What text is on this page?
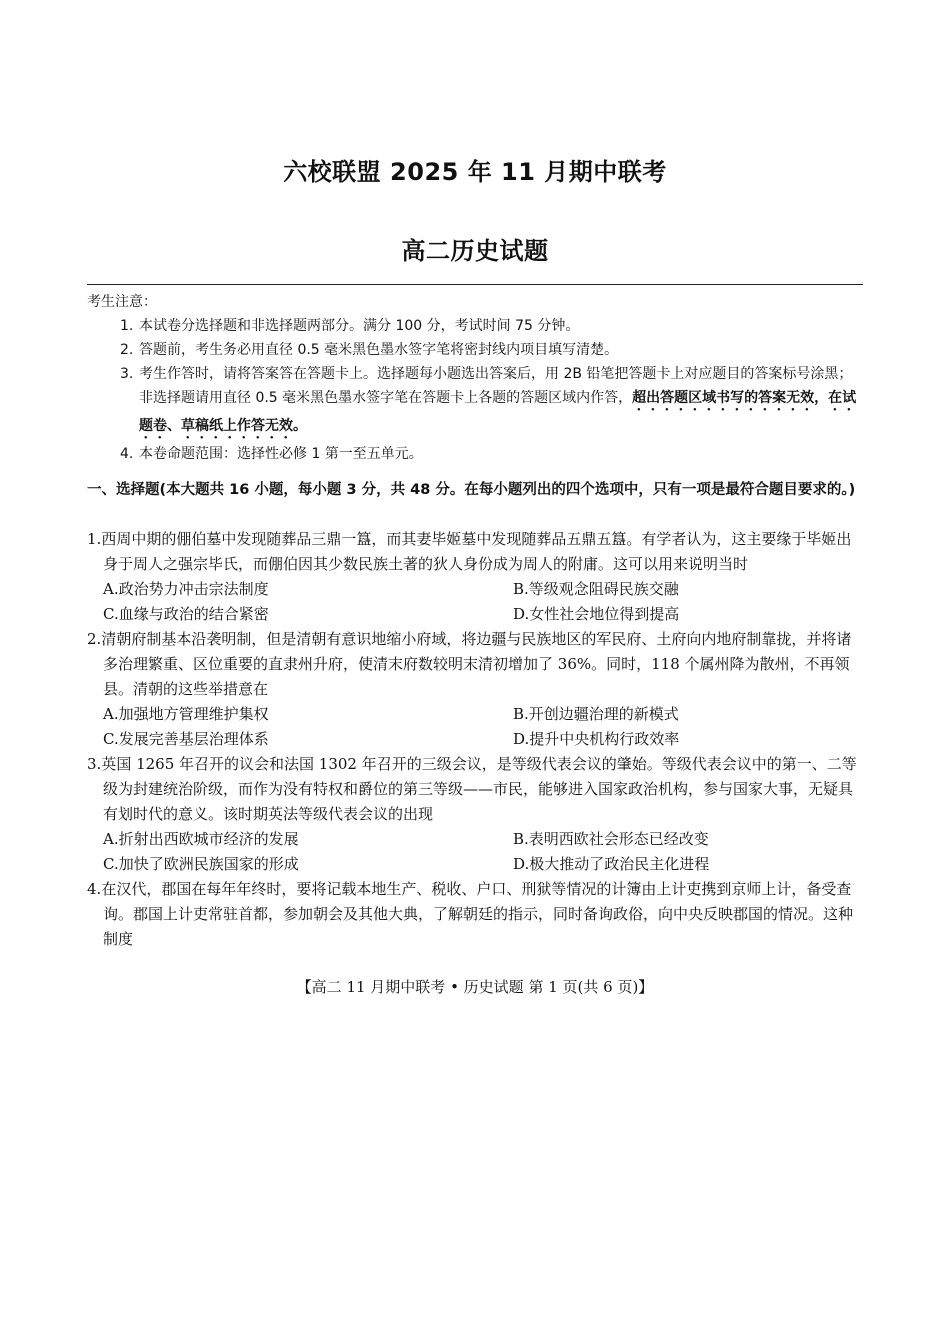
六校联盟 2025 年 11 月期中联考
高二历史试题
考生注意：
1. 本试卷分选择题和非选择题两部分。满分 100 分，考试时间 75 分钟。
2. 答题前，考生务必用直径 0.5 毫米黑色墨水签字笔将密封线内项目填写清楚。
3. 考生作答时，请将答案答在答题卡上。选择题每小题选出答案后，用 2B 铅笔把答题卡上对应题目的答案标号涂黑；非选择题请用直径 0.5 毫米黑色墨水签字笔在答题卡上各题的答题区域内作答，超出答题区域书写的答案无效，在试题卷、草稿纸上作答无效。
4. 本卷命题范围：选择性必修 1 第一至五单元。
一、选择题(本大题共 16 小题，每小题 3 分，共 48 分。在每小题列出的四个选项中，只有一项是最符合题目要求的。)
1.西周中期的倗伯墓中发现随葬品三鼎一簋，而其妻毕姬墓中发现随葬品五鼎五簋。有学者认为，这主要缘于毕姬出身于周人之强宗毕氏，而倗伯因其少数民族土著的狄人身份成为周人的附庸。这可以用来说明当时
A.政治势力冲击宗法制度	B.等级观念阻碍民族交融
C.血缘与政治的结合紧密	D.女性社会地位得到提高
2.清朝府制基本沿袭明制，但是清朝有意识地缩小府域，将边疆与民族地区的军民府、土府向内地府制靠拢，并将诸多治理繁重、区位重要的直隶州升府，使清末府数较明末清初增加了 36%。同时，118 个属州降为散州，不再领县。清朝的这些举措意在
A.加强地方管理维护集权	B.开创边疆治理的新模式
C.发展完善基层治理体系	D.提升中央机构行政效率
3.英国 1265 年召开的议会和法国 1302 年召开的三级会议，是等级代表会议的肇始。等级代表会议中的第一、二等级为封建统治阶级，而作为没有特权和爵位的第三等级——市民，能够进入国家政治机构，参与国家大事，无疑具有划时代的意义。该时期英法等级代表会议的出现
A.折射出西欧城市经济的发展	B.表明西欧社会形态已经改变
C.加快了欧洲民族国家的形成	D.极大推动了政治民主化进程
4.在汉代，郡国在每年年终时，要将记载本地生产、税收、户口、刑狱等情况的计簿由上计吏携到京师上计，备受查询。郡国上计吏常驻首都，参加朝会及其他大典，了解朝廷的指示，同时备询政俗，向中央反映郡国的情况。这种制度
【高二 11 月期中联考 • 历史试题 第 1 页(共 6 页)】
